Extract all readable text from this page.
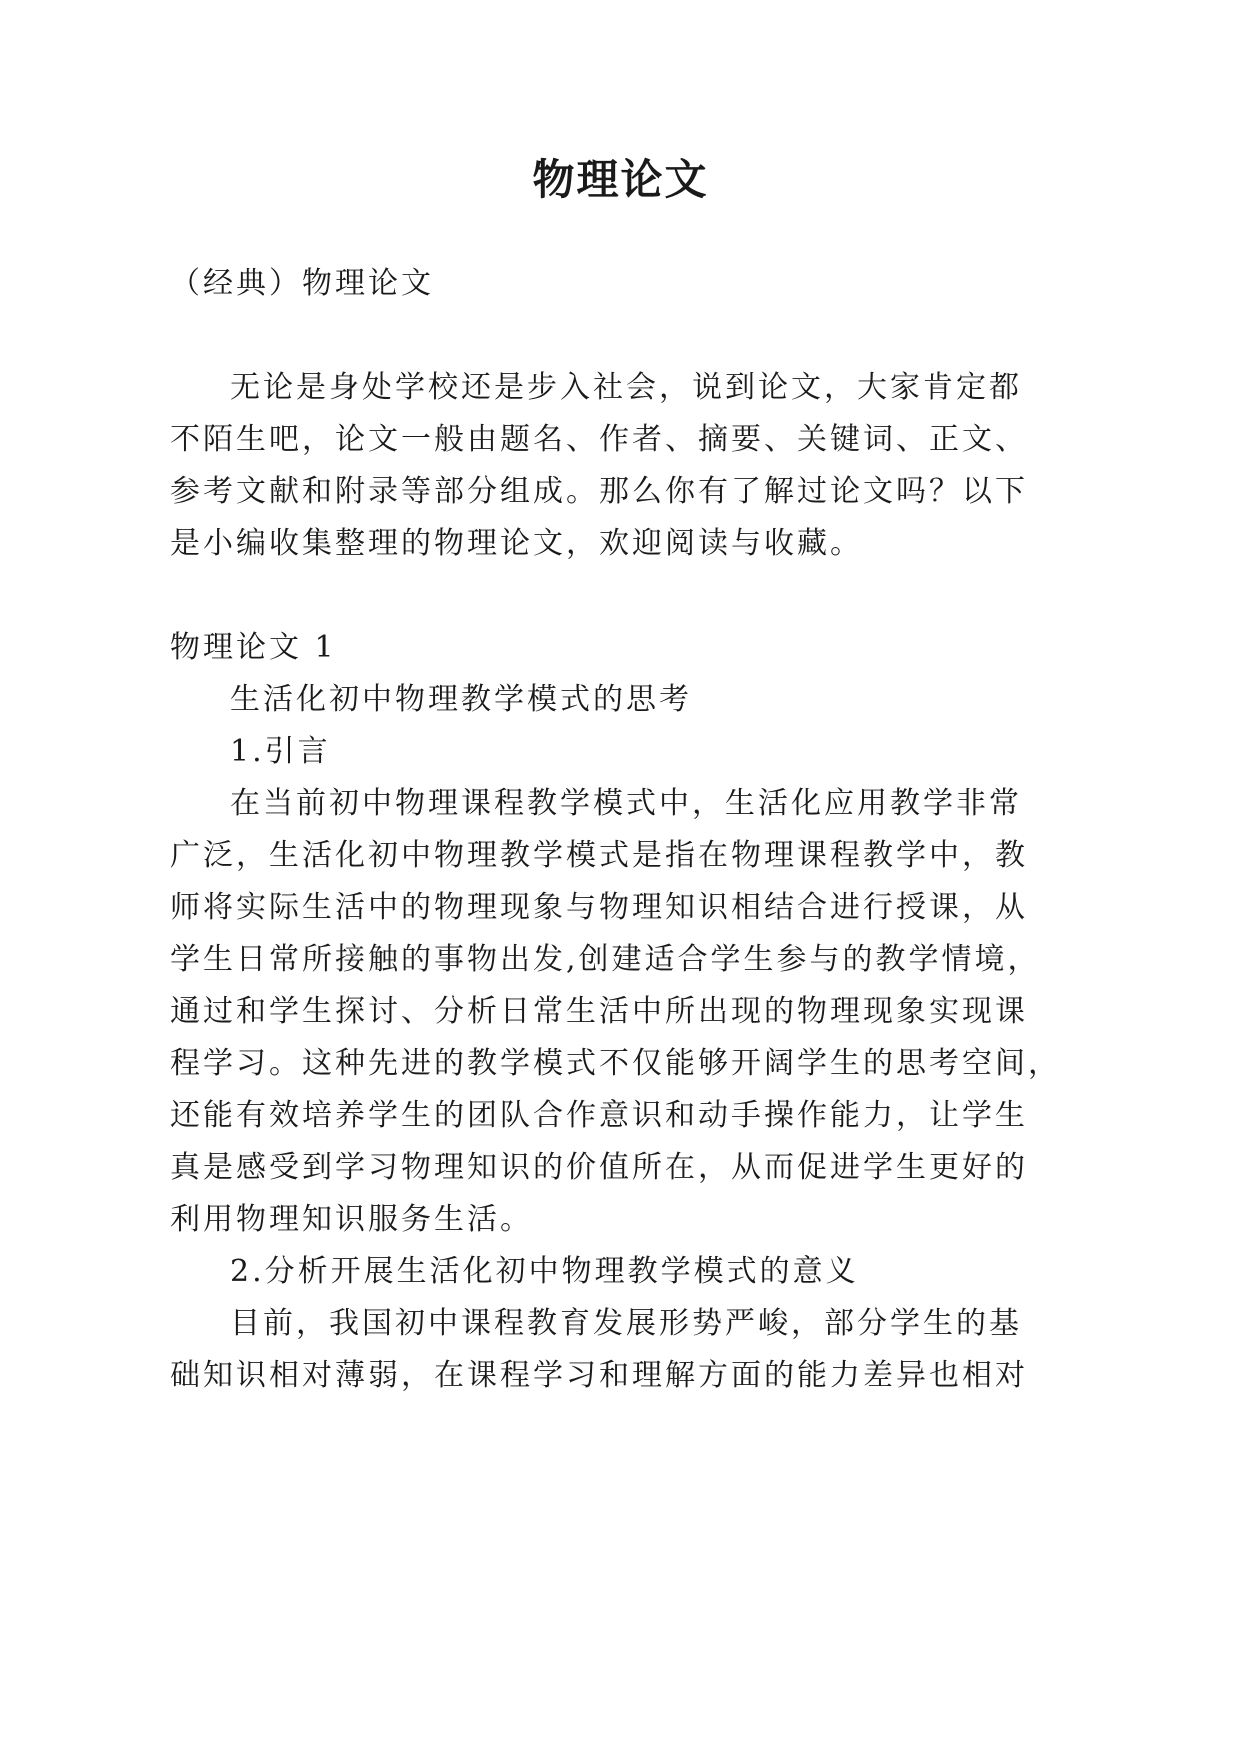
物理论文
（经典）物理论文
无论是身处学校还是步入社会，说到论文，大家肯定都
不陌生吧，论文一般由题名、作者、摘要、关键词、正文、
参考文献和附录等部分组成。那么你有了解过论文吗？以下
是小编收集整理的物理论文，欢迎阅读与收藏。
物理论文 1
生活化初中物理教学模式的思考
1.引言
在当前初中物理课程教学模式中，生活化应用教学非常
广泛，生活化初中物理教学模式是指在物理课程教学中，教
师将实际生活中的物理现象与物理知识相结合进行授课，从
学生日常所接触的事物出发,创建适合学生参与的教学情境，
通过和学生探讨、分析日常生活中所出现的物理现象实现课
程学习。这种先进的教学模式不仅能够开阔学生的思考空间，
还能有效培养学生的团队合作意识和动手操作能力，让学生
真是感受到学习物理知识的价值所在，从而促进学生更好的
利用物理知识服务生活。
2.分析开展生活化初中物理教学模式的意义
目前，我国初中课程教育发展形势严峻，部分学生的基
础知识相对薄弱，在课程学习和理解方面的能力差异也相对
